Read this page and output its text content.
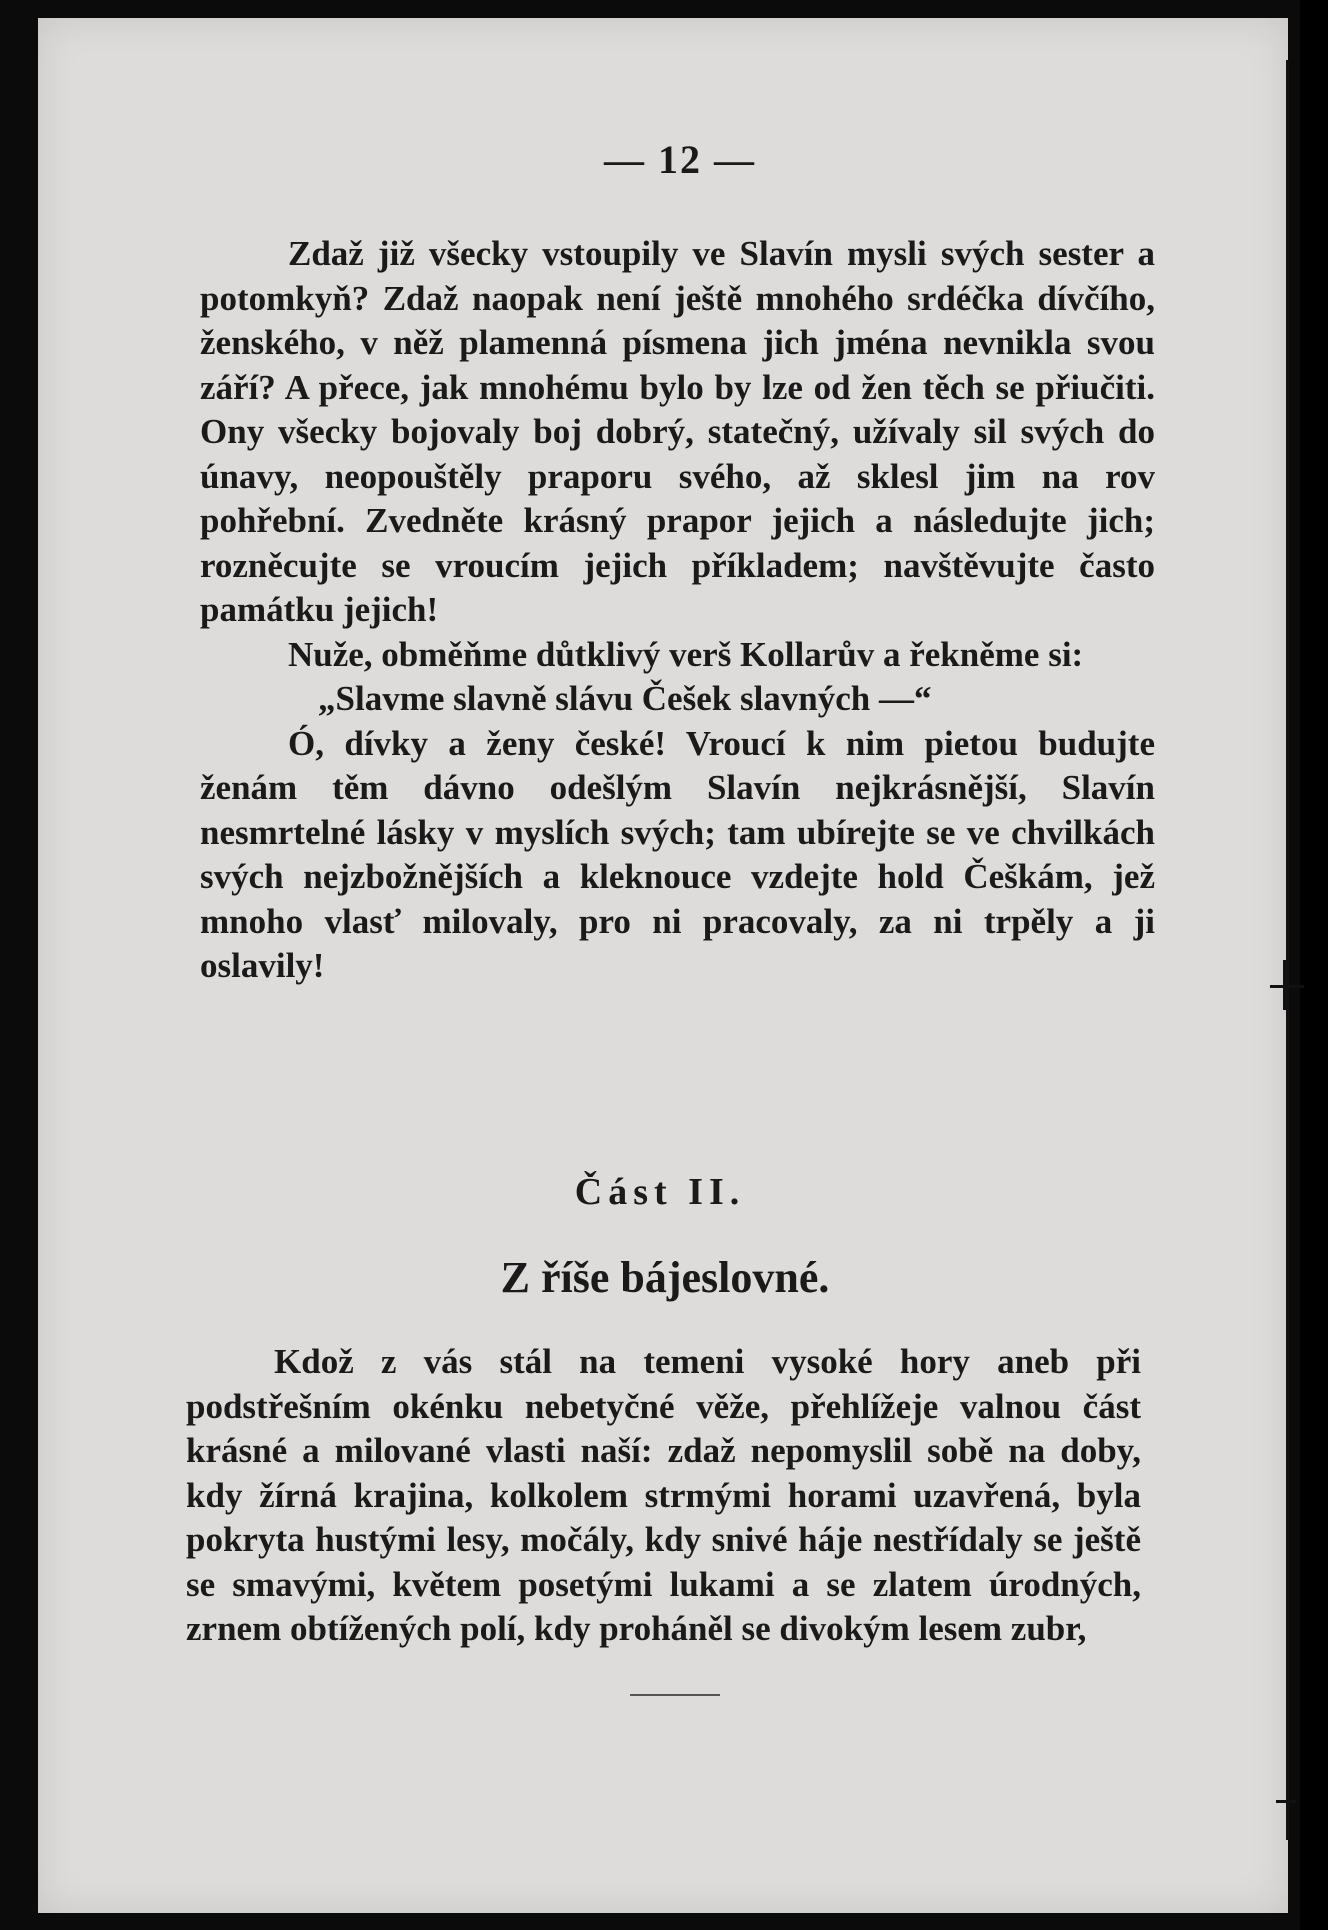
— 12 —

Zdaž již všecky vstoupily ve Slavín mysli svých sester a potomkyň? Zdaž naopak není ještě mnohého srdéčka dívčího, ženského, v něž plamenná písmena jich jména nevnikla svou září? A přece, jak mnohému bylo by lze od žen těch se přiučiti. Ony všecky bojovaly boj dobrý, statečný, užívaly sil svých do únavy, neopouštěly praporu svého, až sklesl jim na rov pohřební. Zvedněte krásný prapor jejich a následujte jich; rozněcujte se vroucím jejich příkladem; navštěvujte často památku jejich!

Nuže, obměňme důtklivý verš Kollarův a řekněme si:

„Slavme slavně slávu Češek slavných —“

Ó, dívky a ženy české! Vroucí k nim pietou budujte ženám těm dávno odešlým Slavín nejkrásnější, Slavín nesmrtelné lásky v myslích svých; tam ubírejte se ve chvilkách svých nejzbožnějších a kleknouce vzdejte hold Češkám, jež mnoho vlasť milovaly, pro ni pracovaly, za ni trpěly a ji oslavily!

Část II.
Z říše bájeslovné.

Kdož z vás stál na temeni vysoké hory aneb při podstřešním okénku nebetyčné věže, přehlížeje valnou část krásné a milované vlasti naší: zdaž nepomyslil sobě na doby, kdy žírná krajina, kolkolem strmými horami uzavřená, byla pokryta hustými lesy, močály, kdy snivé háje nestřídaly se ještě se smavými, květem posetými lukami a se zlatem úrodných, zrnem obtížených polí, kdy proháněl se divokým lesem zubr,
